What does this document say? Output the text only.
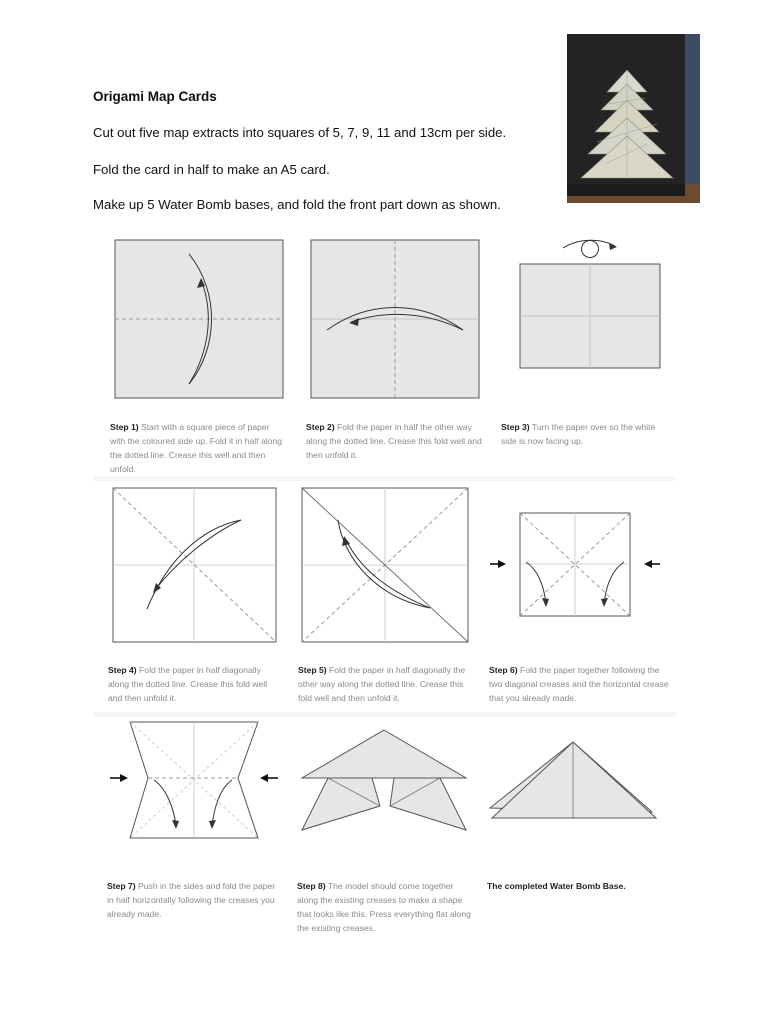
Origami Map Cards
Cut out five map extracts into squares of 5, 7, 9, 11 and 13cm per side.
Fold the card in half to make an A5 card.
Make up 5 Water Bomb bases, and fold the front part down as shown.
Step 1) Start with a square piece of paper with the coloured side up. Fold it in half along the dotted line. Crease this well and then unfold.
Step 2) Fold the paper in half the other way along the dotted line. Crease this fold well and then unfold it.
Step 3) Turn the paper over so the white side is now facing up.
Step 4) Fold the paper in half diagonally along the dotted line. Crease this fold well and then unfold it.
Step 5) Fold the paper in half diagonally the other way along the dotted line. Crease this fold well and then unfold it.
Step 6) Fold the paper together following the two diagonal creases and the horizontal crease that you already made.
Step 7) Push in the sides and fold the paper in half horizontally following the creases you already made.
Step 8) The model should come together along the existing creases to make a shape that looks like this. Press everything flat along the existing creases.
The completed Water Bomb Base.
